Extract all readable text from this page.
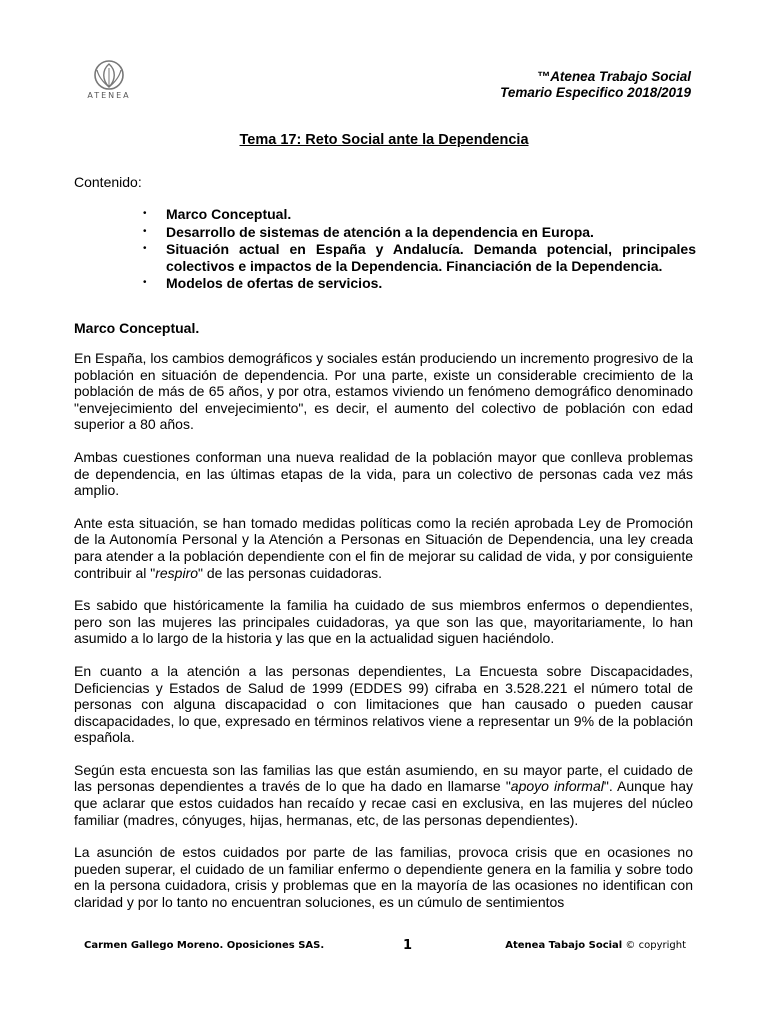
ATENEA
™Atenea Trabajo Social
Temario Especifico 2018/2019
Tema 17: Reto Social ante la Dependencia
Contenido:
• Marco Conceptual.
• Desarrollo de sistemas de atención a la dependencia en Europa.
• Situación actual en España y Andalucía. Demanda potencial, principales colectivos e impactos de la Dependencia. Financiación de la Dependencia.
• Modelos de ofertas de servicios.
Marco Conceptual.

En España, los cambios demográficos y sociales están produciendo un incremento progresivo de la población en situación de dependencia. Por una parte, existe un considerable crecimiento de la población de más de 65 años, y por otra, estamos viviendo un fenómeno demográfico denominado "envejecimiento del envejecimiento", es decir, el aumento del colectivo de población con edad superior a 80 años.

Ambas cuestiones conforman una nueva realidad de la población mayor que conlleva problemas de dependencia, en las últimas etapas de la vida, para un colectivo de personas cada vez más amplio.

Ante esta situación, se han tomado medidas políticas como la recién aprobada Ley de Promoción de la Autonomía Personal y la Atención a Personas en Situación de Dependencia, una ley creada para atender a la población dependiente con el fin de mejorar su calidad de vida, y por consiguiente contribuir al "respiro" de las personas cuidadoras.

Es sabido que históricamente la familia ha cuidado de sus miembros enfermos o dependientes, pero son las mujeres las principales cuidadoras, ya que son las que, mayoritariamente, lo han asumido a lo largo de la historia y las que en la actualidad siguen haciéndolo.

En cuanto a la atención a las personas dependientes, La Encuesta sobre Discapacidades, Deficiencias y Estados de Salud de 1999 (EDDES 99) cifraba en 3.528.221 el número total de personas con alguna discapacidad o con limitaciones que han causado o pueden causar discapacidades, lo que, expresado en términos relativos viene a representar un 9% de la población española.

Según esta encuesta son las familias las que están asumiendo, en su mayor parte, el cuidado de las personas dependientes a través de lo que ha dado en llamarse "apoyo informal". Aunque hay que aclarar que estos cuidados han recaído y recae casi en exclusiva, en las mujeres del núcleo familiar (madres, cónyuges, hijas, hermanas, etc, de las personas dependientes).

La asunción de estos cuidados por parte de las familias, provoca crisis que en ocasiones no pueden superar, el cuidado de un familiar enfermo o dependiente genera en la familia y sobre todo en la persona cuidadora, crisis y problemas que en la mayoría de las ocasiones no identifican con claridad y por lo tanto no encuentran soluciones, es un cúmulo de sentimientos

Carmen Gallego Moreno. Oposiciones SAS.	1	Atenea Tabajo Social © copyright
